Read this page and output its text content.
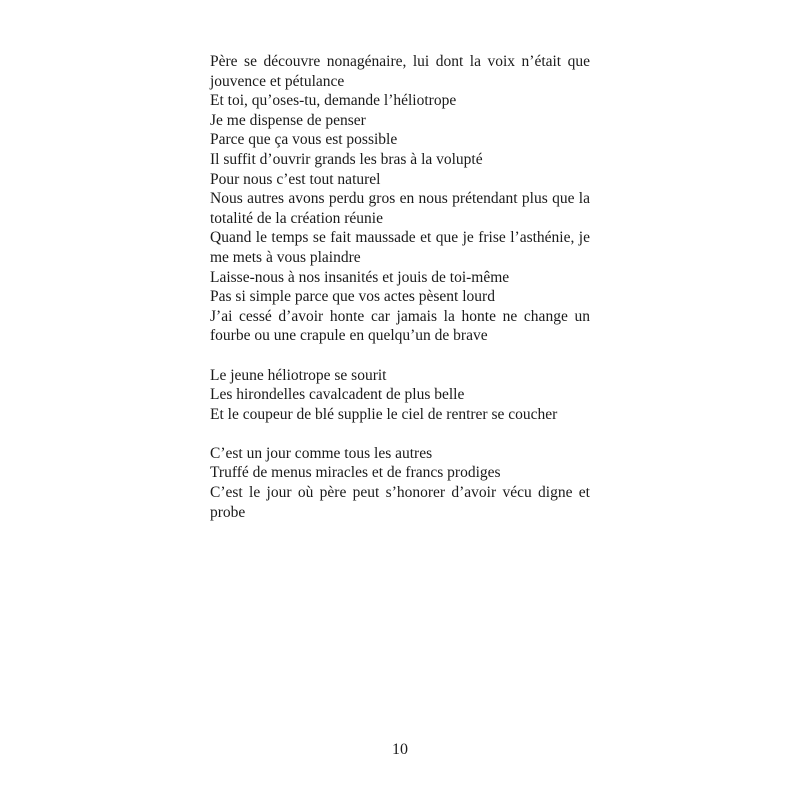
Père se découvre nonagénaire, lui dont la voix n’était que jouvence et pétulance
Et toi, qu’oses-tu, demande l’héliotrope
Je me dispense de penser
Parce que ça vous est possible
Il suffit d’ouvrir grands les bras à la volupté
Pour nous c’est tout naturel
Nous autres avons perdu gros en nous prétendant plus que la totalité de la création réunie
Quand le temps se fait maussade et que je frise l’asthénie, je me mets à vous plaindre
Laisse-nous à nos insanités et jouis de toi-même
Pas si simple parce que vos actes pèsent lourd
J’ai cessé d’avoir honte car jamais la honte ne change un fourbe ou une crapule en quelqu’un de brave
Le jeune héliotrope se sourit
Les hirondelles cavalcadent de plus belle
Et le coupeur de blé supplie le ciel de rentrer se coucher
C’est un jour comme tous les autres
Truffé de menus miracles et de francs prodiges
C’est le jour où père peut s’honorer d’avoir vécu digne et probe
10
